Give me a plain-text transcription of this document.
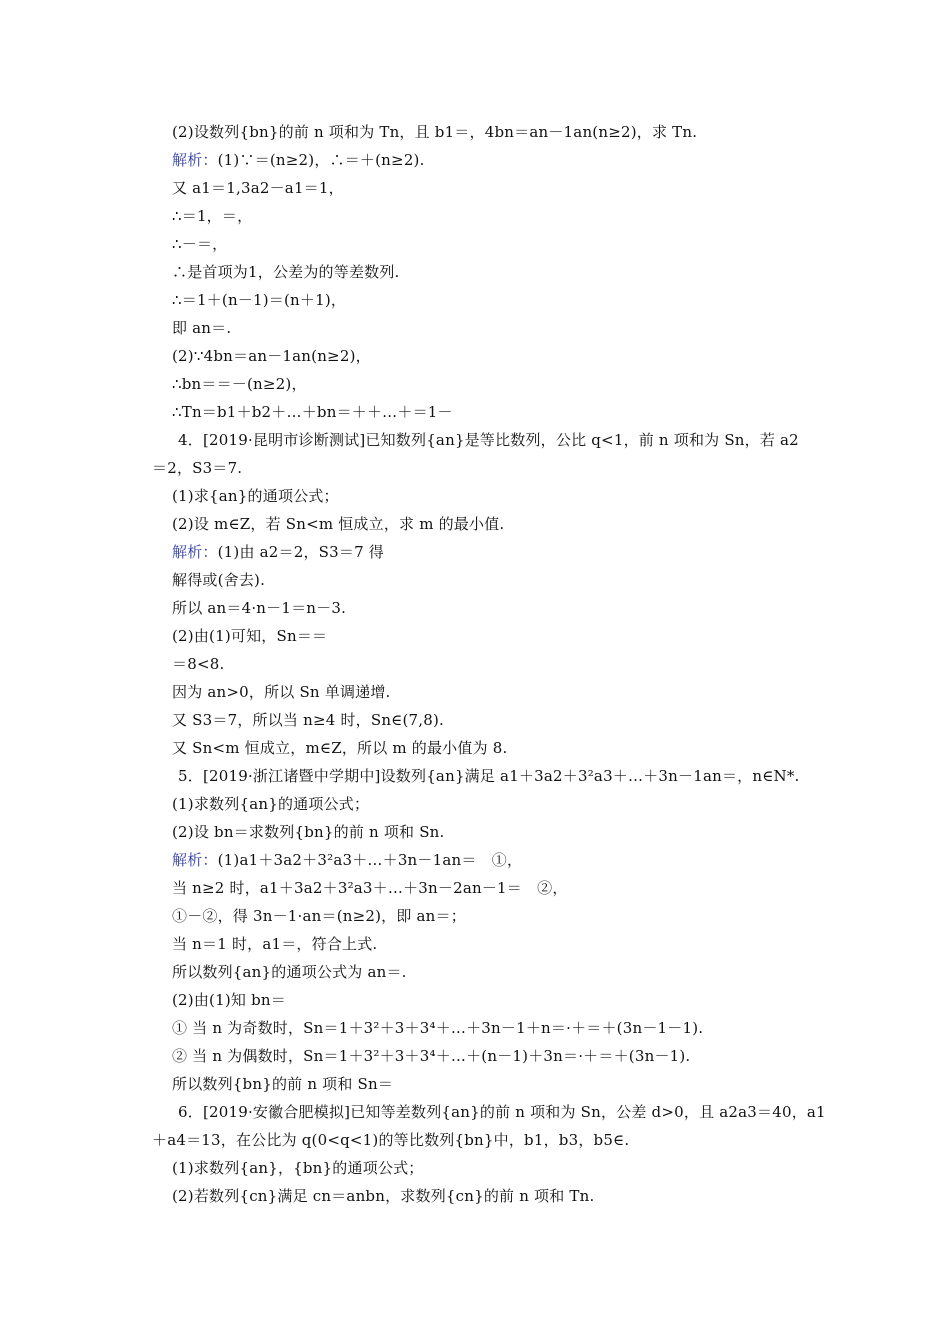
(2)设数列{bn}的前 n 项和为 Tn，且 b1＝，4bn＝an－1an(n≥2)，求 Tn.
解析：(1)∵＝(n≥2)，∴＝＋(n≥2).
又 a1＝1,3a2－a1＝1，
∴＝1，＝，
∴－＝，
∴是首项为1，公差为的等差数列.
∴＝1＋(n－1)＝(n＋1)，
即 an＝.
(2)∵4bn＝an－1an(n≥2)，
∴bn＝＝－(n≥2)，
∴Tn＝b1＋b2＋…＋bn＝＋＋…＋＝1－
4．[2019·昆明市诊断测试]已知数列{an}是等比数列，公比 q<1，前 n 项和为 Sn，若 a2
＝2，S3＝7.
(1)求{an}的通项公式；
(2)设 m∈Z，若 Sn<m 恒成立，求 m 的最小值.
解析：(1)由 a2＝2，S3＝7 得
解得或(舍去).
所以 an＝4·n－1＝n－3.
(2)由(1)可知，Sn＝＝
＝8<8.
因为 an>0，所以 Sn 单调递增.
又 S3＝7，所以当 n≥4 时，Sn∈(7,8).
又 Sn<m 恒成立，m∈Z，所以 m 的最小值为 8.
5．[2019·浙江诸暨中学期中]设数列{an}满足 a1＋3a2＋3²a3＋…＋3n－1an＝，n∈N*.
(1)求数列{an}的通项公式；
(2)设 bn＝求数列{bn}的前 n 项和 Sn.
解析：(1)a1＋3a2＋3²a3＋…＋3n－1an＝　①，
当 n≥2 时，a1＋3a2＋3²a3＋…＋3n－2an－1＝　②，
①－②，得 3n－1·an＝(n≥2)，即 an＝；
当 n＝1 时，a1＝，符合上式.
所以数列{an}的通项公式为 an＝.
(2)由(1)知 bn＝
① 当 n 为奇数时，Sn＝1＋3²＋3＋3⁴＋…＋3n－1＋n＝·＋＝＋(3n－1－1).
② 当 n 为偶数时，Sn＝1＋3²＋3＋3⁴＋…＋(n－1)＋3n＝·＋＝＋(3n－1).
所以数列{bn}的前 n 项和 Sn＝
6．[2019·安徽合肥模拟]已知等差数列{an}的前 n 项和为 Sn，公差 d>0，且 a2a3＝40，a1
＋a4＝13，在公比为 q(0<q<1)的等比数列{bn}中，b1，b3，b5∈.
(1)求数列{an}，{bn}的通项公式；
(2)若数列{cn}满足 cn＝anbn，求数列{cn}的前 n 项和 Tn.
